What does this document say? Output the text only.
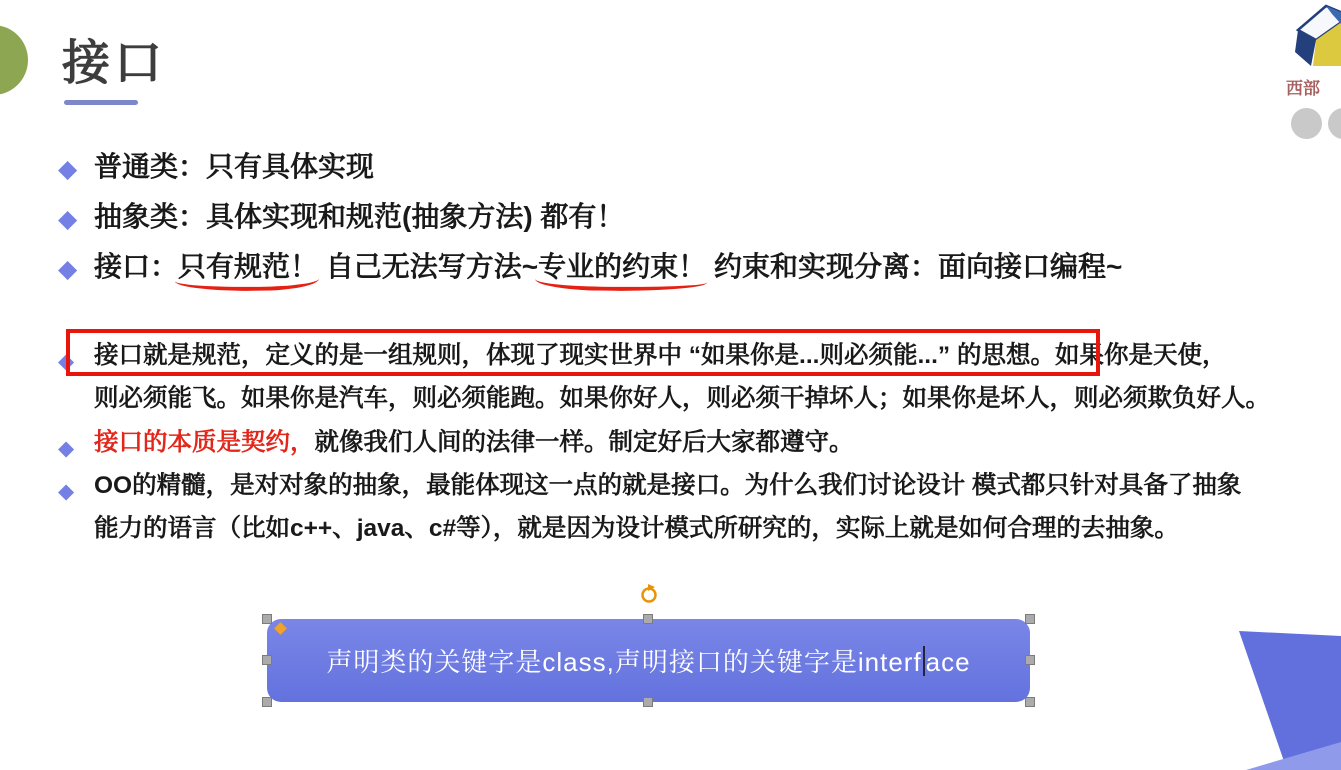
接口	西部
◆ 普通类：只有具体实现
◆ 抽象类：具体实现和规范(抽象方法) 都有！
◆ 接口：只有规范！ 自己无法写方法~专业的约束！ 约束和实现分离：面向接口编程~
◆ 接口就是规范，定义的是一组规则，体现了现实世界中 “如果你是...则必须能...” 的思想。如果你是天使，
则必须能飞。如果你是汽车，则必须能跑。如果你好人，则必须干掉坏人；如果你是坏人，则必须欺负好人。
◆ 接口的本质是契约，就像我们人间的法律一样。制定好后大家都遵守。
◆ OO的精髓，是对对象的抽象，最能体现这一点的就是接口。为什么我们讨论设计 模式都只针对具备了抽象
能力的语言（比如c++、java、c#等），就是因为设计模式所研究的，实际上就是如何合理的去抽象。
声明类的关键字是class,声明接口的关键字是interf ace
